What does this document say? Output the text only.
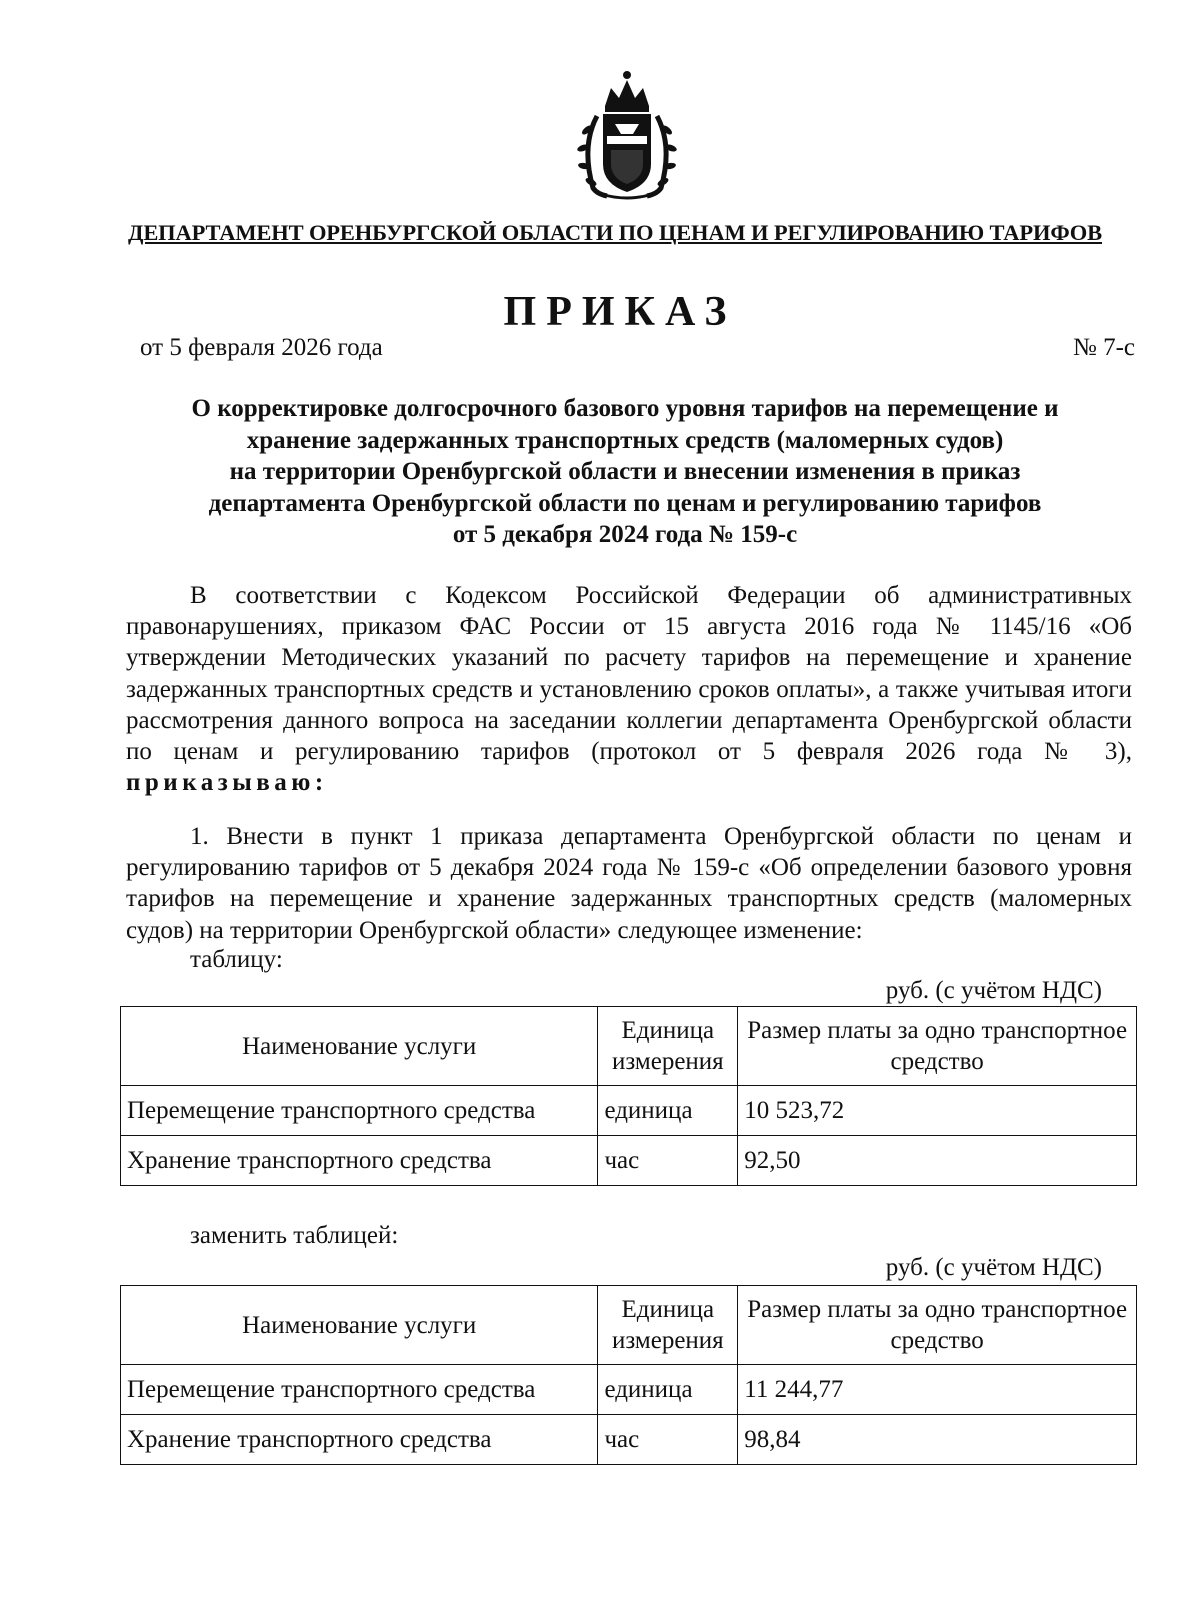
ДЕПАРТАМЕНТ ОРЕНБУРГСКОЙ ОБЛАСТИ ПО ЦЕНАМ И РЕГУЛИРОВАНИЮ ТАРИФОВ
ПРИКАЗ
от 5 февраля 2026 года	№ 7-с
О корректировке долгосрочного базового уровня тарифов на перемещение и
хранение задержанных транспортных средств (маломерных судов)
на территории Оренбургской области и внесении изменения в приказ
департамента Оренбургской области по ценам и регулированию тарифов
от 5 декабря 2024 года № 159-с
В соответствии с Кодексом Российской Федерации об административных правонарушениях, приказом ФАС России от 15 августа 2016 года № 1145/16 «Об утверждении Методических указаний по расчету тарифов на перемещение и хранение задержанных транспортных средств и установлению сроков оплаты», а также учитывая итоги рассмотрения данного вопроса на заседании коллегии департамента Оренбургской области по ценам и регулированию тарифов (протокол от 5 февраля 2026 года № 3), приказываю:
1. Внести в пункт 1 приказа департамента Оренбургской области по ценам и регулированию тарифов от 5 декабря 2024 года № 159-с «Об определении базового уровня тарифов на перемещение и хранение задержанных транспортных средств (маломерных судов) на территории Оренбургской области» следующее изменение:
таблицу:
руб. (с учётом НДС)
Наименование услуги	Единица измерения	Размер платы за одно транспортное средство
Перемещение транспортного средства	единица	10 523,72
Хранение транспортного средства	час	92,50
заменить таблицей:
руб. (с учётом НДС)
Наименование услуги	Единица измерения	Размер платы за одно транспортное средство
Перемещение транспортного средства	единица	11 244,77
Хранение транспортного средства	час	98,84
